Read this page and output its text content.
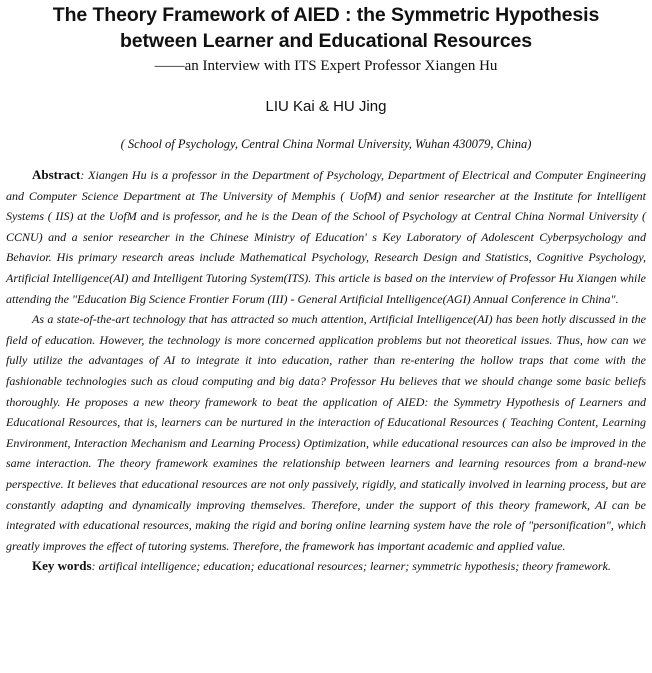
The Theory Framework of AIED : the Symmetric Hypothesis
between Learner and Educational Resources
——an Interview with ITS Expert Professor Xiangen Hu
LIU Kai & HU Jing
( School of Psychology, Central China Normal University, Wuhan 430079, China)

Abstract: Xiangen Hu is a professor in the Department of Psychology, Department of Electrical and Computer Engineering and Computer Science Department at The University of Memphis ( UofM) and senior researcher at the Institute for Intelligent Systems ( IIS) at the UofM and is professor, and he is the Dean of the School of Psychology at Central China Normal University ( CCNU) and a senior researcher in the Chinese Ministry of Education' s Key Laboratory of Adolescent Cyberpsychology and Behavior. His primary research areas include Mathematical Psychology, Research Design and Statistics, Cognitive Psychology, Artificial Intelligence(AI) and Intelligent Tutoring System(ITS). This article is based on the interview of Professor Hu Xiangen while attending the "Education Big Science Frontier Forum (III) - General Artificial Intelligence(AGI) Annual Conference in China".

As a state-of-the-art technology that has attracted so much attention, Artificial Intelligence(AI) has been hotly discussed in the field of education. However, the technology is more concerned application problems but not theoretical issues. Thus, how can we fully utilize the advantages of AI to integrate it into education, rather than re-entering the hollow traps that come with the fashionable technologies such as cloud computing and big data? Professor Hu believes that we should change some basic beliefs thoroughly. He proposes a new theory framework to beat the application of AIED: the Symmetry Hypothesis of Learners and Educational Resources, that is, learners can be nurtured in the interaction of Educational Resources ( Teaching Content, Learning Environment, Interaction Mechanism and Learning Process) Optimization, while educational resources can also be improved in the same interaction. The theory framework examines the relationship between learners and learning resources from a brand-new perspective. It believes that educational resources are not only passively, rigidly, and statically involved in learning process, but are constantly adapting and dynamically improving themselves. Therefore, under the support of this theory framework, AI can be integrated with educational resources, making the rigid and boring online learning system have the role of "personification", which greatly improves the effect of tutoring systems. Therefore, the framework has important academic and applied value.

Key words: artifical intelligence; education; educational resources; learner; symmetric hypothesis; theory framework.
